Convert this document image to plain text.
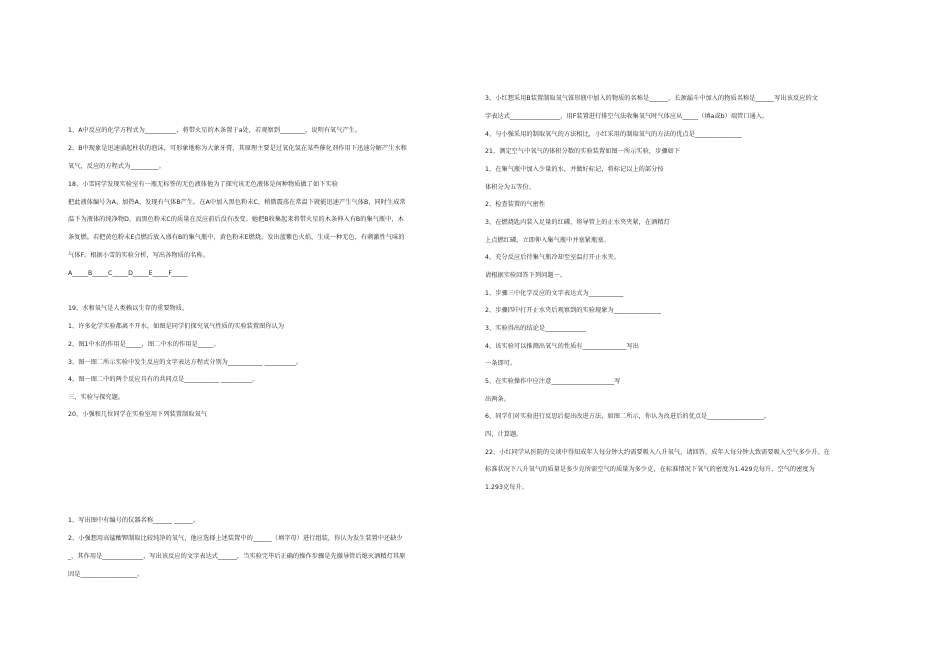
1、A中反应的化学方程式为__________，将带火星的木条置于a处，若观察到________，说明有氧气产生。
2、B中现象是迅速涌起柱状的泡沫，可形象地称为大象牙膏，其原理主要是过氧化氢在某些催化剂作用下迅速分解产生水和
氧气，反应的方程式为_________。
18、小雪同学发现实验室有一瓶无标签的无色液体他为了探究该无色液体是何种物质做了如下实验
把此液体编号为A。加热A，发现有气体B产生。在A中加入黑色粉末C，稍微震荡在常温下就能迅速产生气体B，同时生成常
温下为液体的纯净物D，而黑色粉末C的质量在反应前后没有改变。她把B收集起来将带火星的木条伸入有B的集气瓶中，木
条复燃。若把黄色粉末E点燃后放入盛有B的集气瓶中，黄色粉末E燃烧，发出蓝紫色火焰，生成一种无色，有刺激性气味的
气体F。根据小雪的实验分析，写出各物质的名称。
A_____B_____C_____D_____E_____F_____
19、水和氧气是人类赖以生存的重要物质。
1、许多化学实验都离不开水，如图是同学们探究氧气性质的实验装置图你认为
2、图1中水的作用是_____，图二中水的作用是_____。
3、图一图二所示实验中发生反应的文字表达方程式分别为___________ __________。
4、图一图二中的两个反应具有的共同点是___________ __________。
三、实验与探究题。
20、小强和几位同学在实验室用下列装置制取氧气
1、写出图中有编号的仪器名称______ ______。
2、小强想用高锰酸钾制取比较纯净的氧气，他应选择上述装置中的______（填字母）进行组装，你认为发生装置中还缺少
_，其作用是_____________，写出该反应的文字表达式______，当实验完毕后正确的操作步骤是先撤导管后熄灭酒精灯其原
因是__________________。
3、小红想采用B装置制取氧气锥形瓶中加入的物质的名称是______，长颈漏斗中加入的物质名称是______写出该反应的文
字表达式________________，用F装置进行排空气法收集氧气时气体应从_____（填a或b）端管口通入。
4、与小强采用的制取氧气的方法相比，小红采用的制取氧气的方法的优点是_______________
21、测定空气中氧气的体积分数的实验装置如图一所示实验，步骤如下
1、在集气瓶中加入少量的水，并做好标记，将标记以上的部分按
体积分为五等份。
2、检查装置的气密性
3、在燃烧匙内装入足量的红磷，将导管上的止水夹夹紧，在酒精灯
上点燃红磷，立即伸入集气瓶中并塞紧瓶塞。
4、充分反应后待集气瓶冷却至室温打开止水夹。
请根据实验回答下列问题一。
1、步骤三中化学反应的文字表达式为___________
2、步骤四中打开止水夹后观察到的实验现象为_______________
3、实验得出的结论是_____________
4、该实验可以推测出氧气的性质有______________写出
一条即可。
5、在实验操作中应注意____________________写
出两条。
6、同学们对实验进行反思后提出改进方法，如图二所示，你认为改进后的优点是__________________。
四、计算题。
22、小红同学从医院的交谈中得知成年人每分钟大约需要吸入八升氧气，请回答，成年人每分钟大致需要吸入空气多少升。在
标准状况下八升氧气的质量是多少克所需空气的质量为多少克，在标准情况下氧气的密度为1.429克每升，空气的密度为
1.293克每升。
